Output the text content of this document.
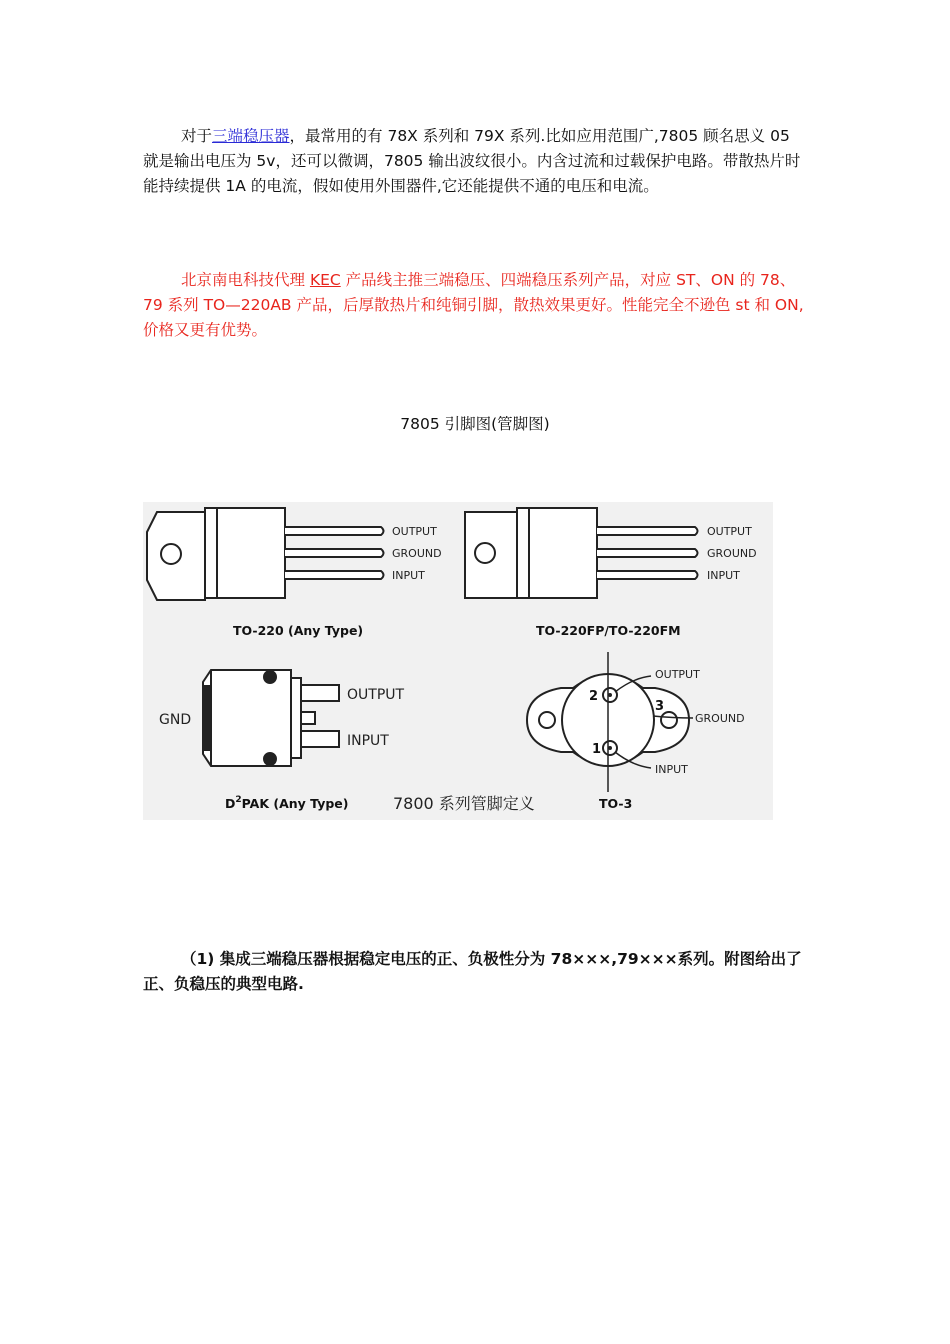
对于三端稳压器，最常用的有 78X 系列和 79X 系列.比如应用范围广,7805 顾名思义 05 就是输出电压为 5v，还可以微调，7805 输出波纹很小。内含过流和过载保护电路。带散热片时能持续提供 1A 的电流，假如使用外围器件,它还能提供不通的电压和电流。

北京南电科技代理 KEC 产品线主推三端稳压、四端稳压系列产品，对应 ST、ON 的 78、79 系列 TO—220AB 产品，后厚散热片和纯铜引脚，散热效果更好。性能完全不逊色 st 和 ON,价格又更有优势。

7805 引脚图(管脚图)

OUTPUT
GROUND
INPUT
TO-220 (Any Type)
OUTPUT
GROUND
INPUT
TO-220FP/TO-220FM
GND
OUTPUT
INPUT
$D^2PAK$ (Any Type)	7800 系列管脚定义
OUTPUT
GROUND
INPUT
2
3
1
TO-3

（1) 集成三端稳压器根据稳定电压的正、负极性分为 78×××,79×××系列。附图给出了正、负稳压的典型电路.
